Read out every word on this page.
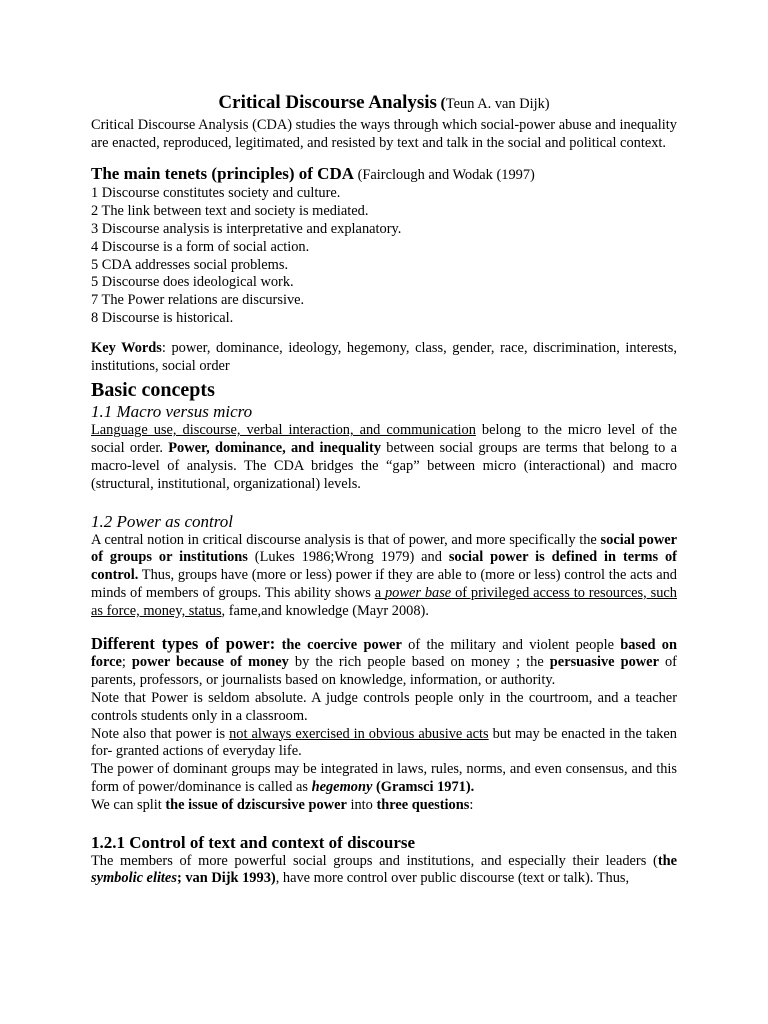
Critical Discourse Analysis (Teun A. van Dijk)

Critical Discourse Analysis (CDA) studies the ways through which social-power abuse and inequality are enacted, reproduced, legitimated, and resisted by text and talk in the social and political context.

The main tenets (principles) of CDA (Fairclough and Wodak (1997)

1 Discourse constitutes society and culture.
2 The link between text and society is mediated.
3 Discourse analysis is interpretative and explanatory.
4 Discourse is a form of social action.
5 CDA addresses social problems.
5 Discourse does ideological work.
7 The Power relations are discursive.
8 Discourse is historical.

Key Words: power, dominance, ideology, hegemony, class, gender, race, discrimination, interests, institutions, social order

Basic concepts

1.1 Macro versus micro

Language use, discourse, verbal interaction, and communication belong to the micro level of the social order. Power, dominance, and inequality between social groups are terms that belong to a macro-level of analysis. The CDA bridges the “gap” between micro (interactional) and macro (structural, institutional, organizational) levels.

1.2 Power as control

A central notion in critical discourse analysis is that of power, and more specifically the social power of groups or institutions (Lukes 1986;Wrong 1979) and social power is defined in terms of control. Thus, groups have (more or less) power if they are able to (more or less) control the acts and minds of members of groups. This ability shows a power base of privileged access to resources, such as force, money, status, fame,and knowledge (Mayr 2008).

Different types of power: the coercive power of the military and violent people based on force; power because of money by the rich people based on money ; the persuasive power of parents, professors, or journalists based on knowledge, information, or authority.

Note that Power is seldom absolute. A judge controls people only in the courtroom, and a teacher controls students only in a classroom.

Note also that power is not always exercised in obvious abusive acts but may be enacted in the taken for- granted actions of everyday life.

The power of dominant groups may be integrated in laws, rules, norms, and even consensus, and this form of power/dominance is called as hegemony (Gramsci 1971).

We can split the issue of dziscursive power into three questions:

1.2.1 Control of text and context of discourse

The members of more powerful social groups and institutions, and especially their leaders (the symbolic elites; van Dijk 1993), have more control over public discourse (text or talk). Thus,
